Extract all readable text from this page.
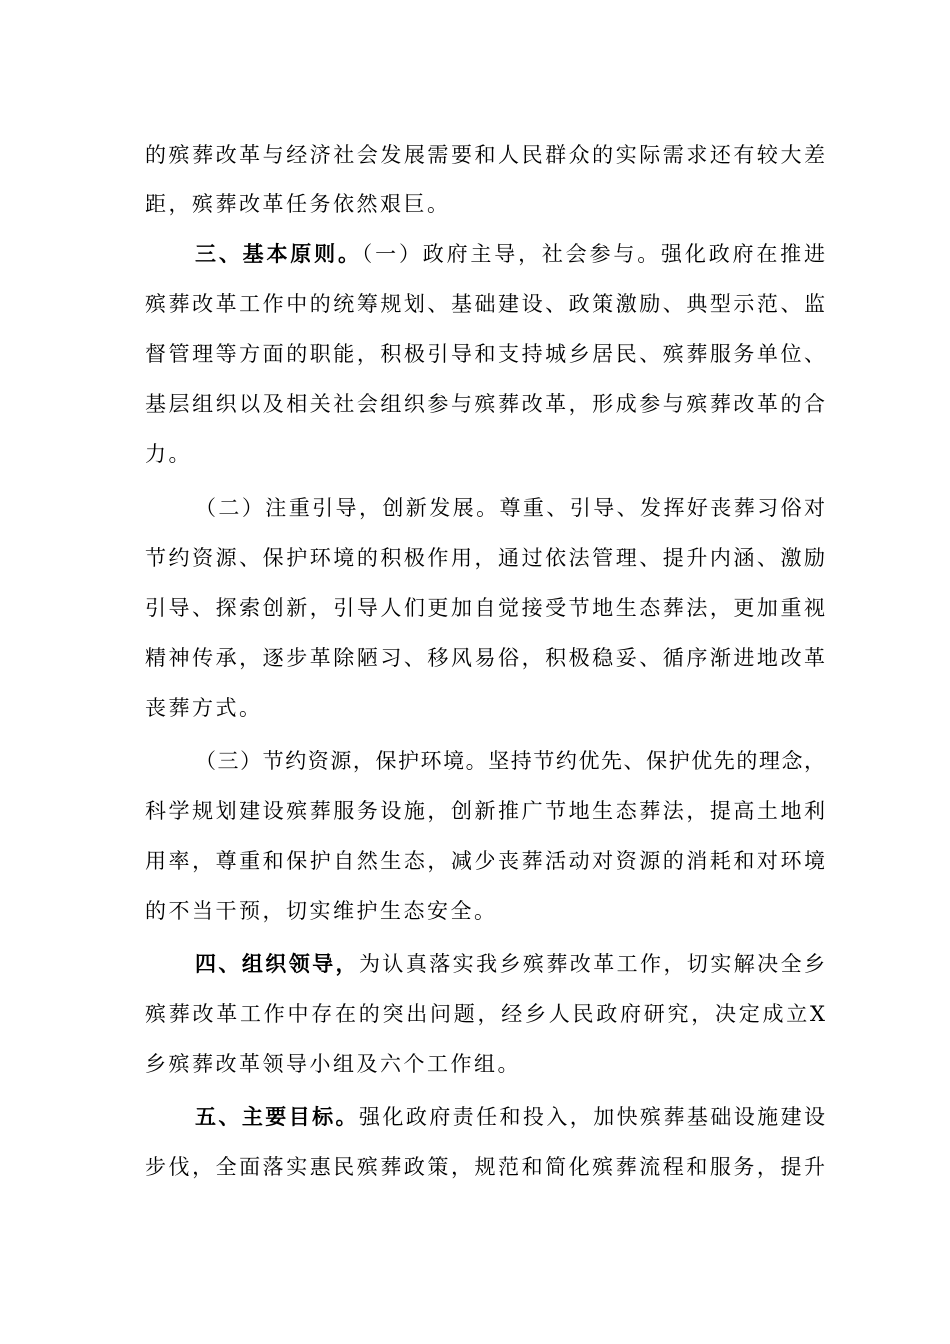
的殡葬改革与经济社会发展需要和人民群众的实际需求还有较大差
距，殡葬改革任务依然艰巨。
三、基本原则。（一）政府主导，社会参与。强化政府在推进
殡葬改革工作中的统筹规划、基础建设、政策激励、典型示范、监
督管理等方面的职能，积极引导和支持城乡居民、殡葬服务单位、
基层组织以及相关社会组织参与殡葬改革，形成参与殡葬改革的合
力。
（二）注重引导，创新发展。尊重、引导、发挥好丧葬习俗对
节约资源、保护环境的积极作用，通过依法管理、提升内涵、激励
引导、探索创新，引导人们更加自觉接受节地生态葬法，更加重视
精神传承，逐步革除陋习、移风易俗，积极稳妥、循序渐进地改革
丧葬方式。
（三）节约资源，保护环境。坚持节约优先、保护优先的理念，
科学规划建设殡葬服务设施，创新推广节地生态葬法，提高土地利
用率，尊重和保护自然生态，减少丧葬活动对资源的消耗和对环境
的不当干预，切实维护生态安全。
四、组织领导，为认真落实我乡殡葬改革工作，切实解决全乡
殡葬改革工作中存在的突出问题，经乡人民政府研究，决定成立X
乡殡葬改革领导小组及六个工作组。
五、主要目标。强化政府责任和投入，加快殡葬基础设施建设
步伐，全面落实惠民殡葬政策，规范和简化殡葬流程和服务，提升
